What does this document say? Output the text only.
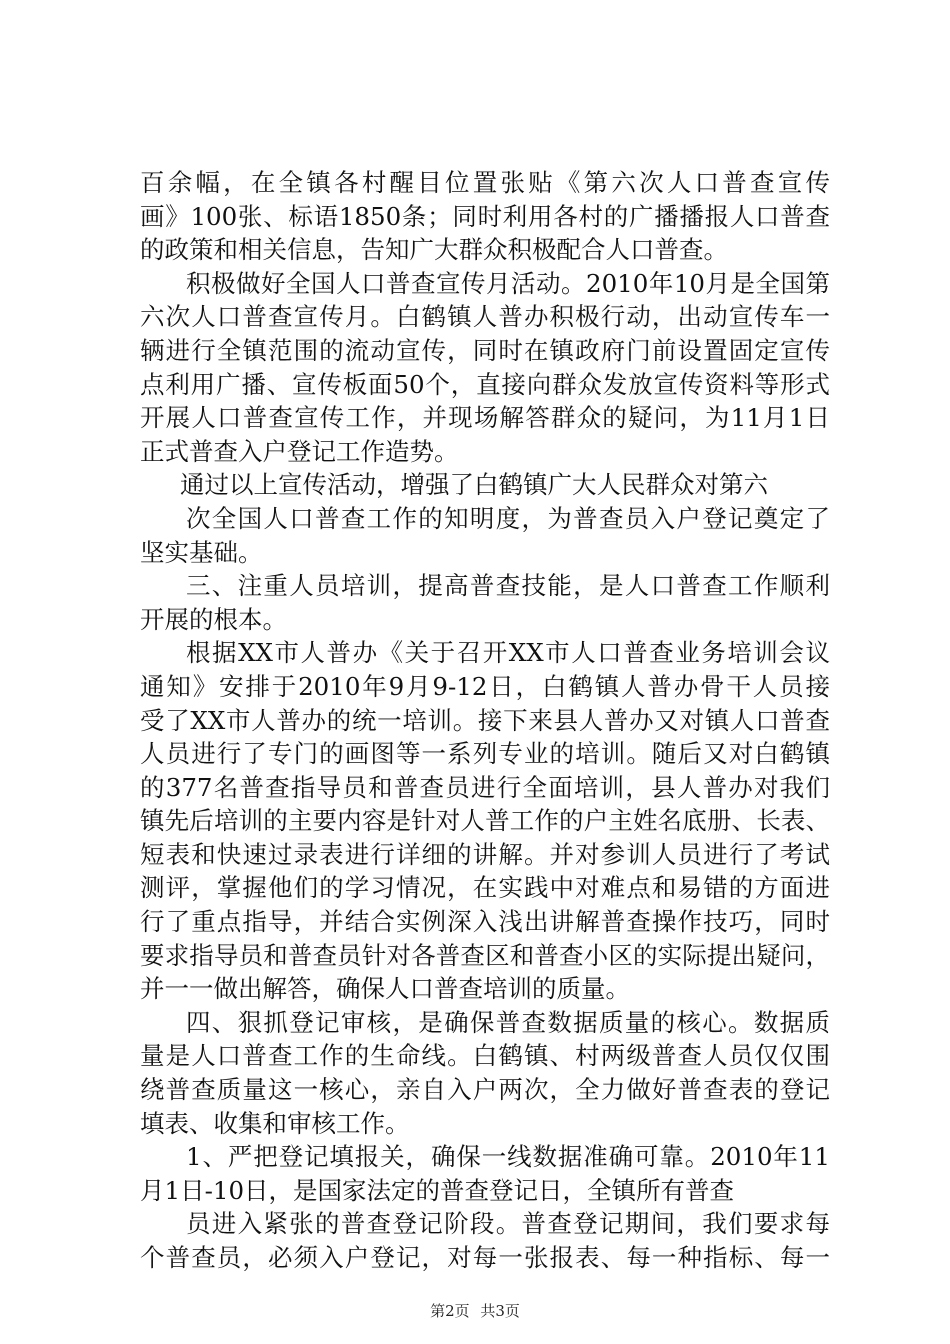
百余幅，在全镇各村醒目位置张贴《第六次人口普查宣传
画》100张、标语1850条；同时利用各村的广播播报人口普查
的政策和相关信息，告知广大群众积极配合人口普查。
积极做好全国人口普查宣传月活动。2010年10月是全国第
六次人口普查宣传月。白鹤镇人普办积极行动，出动宣传车一
辆进行全镇范围的流动宣传，同时在镇政府门前设置固定宣传
点利用广播、宣传板面50个，直接向群众发放宣传资料等形式
开展人口普查宣传工作，并现场解答群众的疑问，为11月1日
正式普查入户登记工作造势。
通过以上宣传活动，增强了白鹤镇广大人民群众对第六
次全国人口普查工作的知明度，为普查员入户登记奠定了
坚实基础。
三、注重人员培训，提高普查技能，是人口普查工作顺利
开展的根本。
根据XX市人普办《关于召开XX市人口普查业务培训会议
通知》安排于2010年9月9-12日，白鹤镇人普办骨干人员接
受了XX市人普办的统一培训。接下来县人普办又对镇人口普查
人员进行了专门的画图等一系列专业的培训。随后又对白鹤镇
的377名普查指导员和普查员进行全面培训，县人普办对我们
镇先后培训的主要内容是针对人普工作的户主姓名底册、长表、
短表和快速过录表进行详细的讲解。并对参训人员进行了考试
测评，掌握他们的学习情况，在实践中对难点和易错的方面进
行了重点指导，并结合实例深入浅出讲解普查操作技巧，同时
要求指导员和普查员针对各普查区和普查小区的实际提出疑问，
并一一做出解答，确保人口普查培训的质量。
四、狠抓登记审核，是确保普查数据质量的核心。数据质
量是人口普查工作的生命线。白鹤镇、村两级普查人员仅仅围
绕普查质量这一核心，亲自入户两次，全力做好普查表的登记
填表、收集和审核工作。
1、严把登记填报关，确保一线数据准确可靠。2010年11
月1日-10日，是国家法定的普查登记日，全镇所有普查
员进入紧张的普查登记阶段。普查登记期间，我们要求每
个普查员，必须入户登记，对每一张报表、每一种指标、每一
第2页 共3页
